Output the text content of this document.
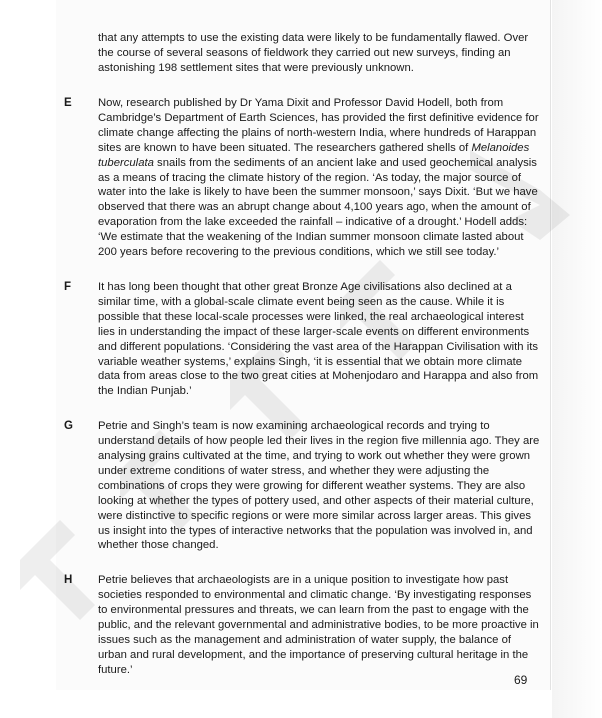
that any attempts to use the existing data were likely to be fundamentally flawed. Over the course of several seasons of fieldwork they carried out new surveys, finding an astonishing 198 settlement sites that were previously unknown.

E Now, research published by Dr Yama Dixit and Professor David Hodell, both from Cambridge’s Department of Earth Sciences, has provided the first definitive evidence for climate change affecting the plains of north-western India, where hundreds of Harappan sites are known to have been situated. The researchers gathered shells of Melanoides tuberculata snails from the sediments of an ancient lake and used geochemical analysis as a means of tracing the climate history of the region. ‘As today, the major source of water into the lake is likely to have been the summer monsoon,’ says Dixit. ‘But we have observed that there was an abrupt change about 4,100 years ago, when the amount of evaporation from the lake exceeded the rainfall – indicative of a drought.’ Hodell adds: ‘We estimate that the weakening of the Indian summer monsoon climate lasted about 200 years before recovering to the previous conditions, which we still see today.’

F It has long been thought that other great Bronze Age civilisations also declined at a similar time, with a global-scale climate event being seen as the cause. While it is possible that these local-scale processes were linked, the real archaeological interest lies in understanding the impact of these larger-scale events on different environments and different populations. ‘Considering the vast area of the Harappan Civilisation with its variable weather systems,’ explains Singh, ‘it is essential that we obtain more climate data from areas close to the two great cities at Mohenjodaro and Harappa and also from the Indian Punjab.’

G Petrie and Singh’s team is now examining archaeological records and trying to understand details of how people led their lives in the region five millennia ago. They are analysing grains cultivated at the time, and trying to work out whether they were grown under extreme conditions of water stress, and whether they were adjusting the combinations of crops they were growing for different weather systems. They are also looking at whether the types of pottery used, and other aspects of their material culture, were distinctive to specific regions or were more similar across larger areas. This gives us insight into the types of interactive networks that the population was involved in, and whether those changed.

H Petrie believes that archaeologists are in a unique position to investigate how past societies responded to environmental and climatic change. ‘By investigating responses to environmental pressures and threats, we can learn from the past to engage with the public, and the relevant governmental and administrative bodies, to be more proactive in issues such as the management and administration of water supply, the balance of urban and rural development, and the importance of preserving cultural heritage in the future.’

69
